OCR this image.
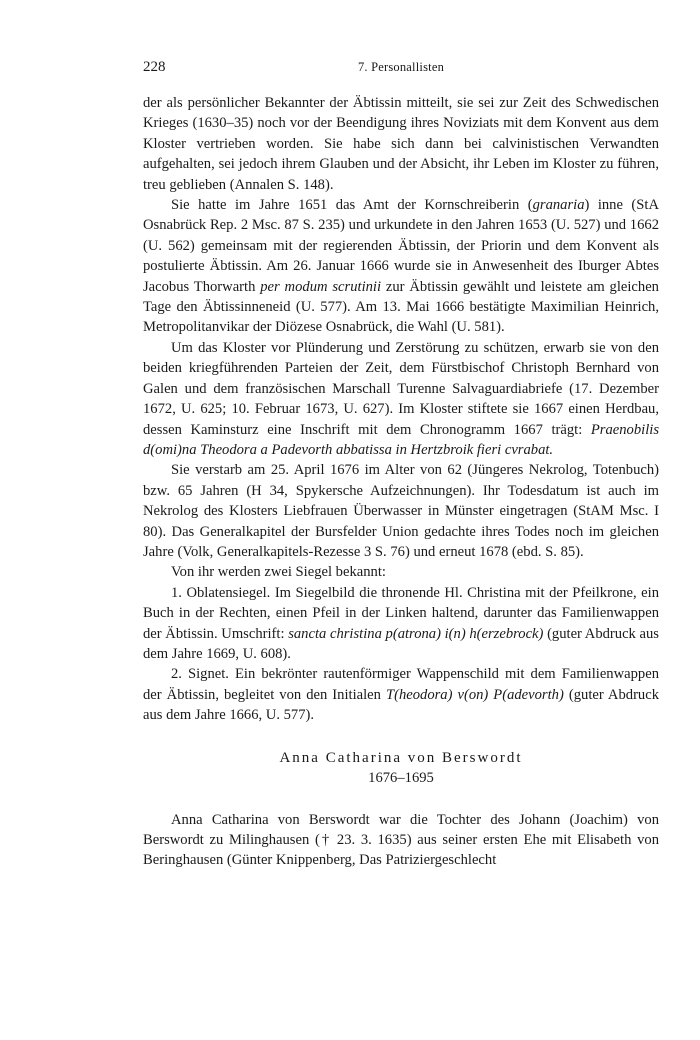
228	7. Personallisten

der als persönlicher Bekannter der Äbtissin mitteilt, sie sei zur Zeit des Schwedischen Krieges (1630–35) noch vor der Beendigung ihres Noviziats mit dem Konvent aus dem Kloster vertrieben worden. Sie habe sich dann bei calvinistischen Verwandten aufgehalten, sei jedoch ihrem Glauben und der Absicht, ihr Leben im Kloster zu führen, treu geblieben (Annalen S. 148).

Sie hatte im Jahre 1651 das Amt der Kornschreiberin (granaria) inne (StA Osnabrück Rep. 2 Msc. 87 S. 235) und urkundete in den Jahren 1653 (U. 527) und 1662 (U. 562) gemeinsam mit der regierenden Äbtissin, der Priorin und dem Konvent als postulierte Äbtissin. Am 26. Januar 1666 wurde sie in Anwesenheit des Iburger Abtes Jacobus Thorwarth per modum scrutinii zur Äbtissin gewählt und leistete am gleichen Tage den Äbtissinneneid (U. 577). Am 13. Mai 1666 bestätigte Maximilian Heinrich, Metropolitanvikar der Diözese Osnabrück, die Wahl (U. 581).

Um das Kloster vor Plünderung und Zerstörung zu schützen, erwarb sie von den beiden kriegführenden Parteien der Zeit, dem Fürstbischof Christoph Bernhard von Galen und dem französischen Marschall Turenne Salvaguardiabriefe (17. Dezember 1672, U. 625; 10. Februar 1673, U. 627). Im Kloster stiftete sie 1667 einen Herdbau, dessen Kaminsturz eine Inschrift mit dem Chronogramm 1667 trägt: Praenobilis d(omi)na Theodora a Padevorth abbatissa in Hertzbroik fieri cvrabat.

Sie verstarb am 25. April 1676 im Alter von 62 (Jüngeres Nekrolog, Totenbuch) bzw. 65 Jahren (H 34, Spykersche Aufzeichnungen). Ihr Todesdatum ist auch im Nekrolog des Klosters Liebfrauen Überwasser in Münster eingetragen (StAM Msc. I 80). Das Generalkapitel der Bursfelder Union gedachte ihres Todes noch im gleichen Jahre (Volk, Generalkapitels-Rezesse 3 S. 76) und erneut 1678 (ebd. S. 85).

Von ihr werden zwei Siegel bekannt:

1. Oblatensiegel. Im Siegelbild die thronende Hl. Christina mit der Pfeilkrone, ein Buch in der Rechten, einen Pfeil in der Linken haltend, darunter das Familienwappen der Äbtissin. Umschrift: sancta christina p(atrona) i(n) h(erzebrock) (guter Abdruck aus dem Jahre 1669, U. 608).

2. Signet. Ein bekrönter rautenförmiger Wappenschild mit dem Familienwappen der Äbtissin, begleitet von den Initialen T(heodora) v(on) P(adevorth) (guter Abdruck aus dem Jahre 1666, U. 577).

Anna Catharina von Berswordt
1676–1695

Anna Catharina von Berswordt war die Tochter des Johann (Joachim) von Berswordt zu Milinghausen († 23. 3. 1635) aus seiner ersten Ehe mit Elisabeth von Beringhausen (Günter Knippenberg, Das Patriziergeschlecht
